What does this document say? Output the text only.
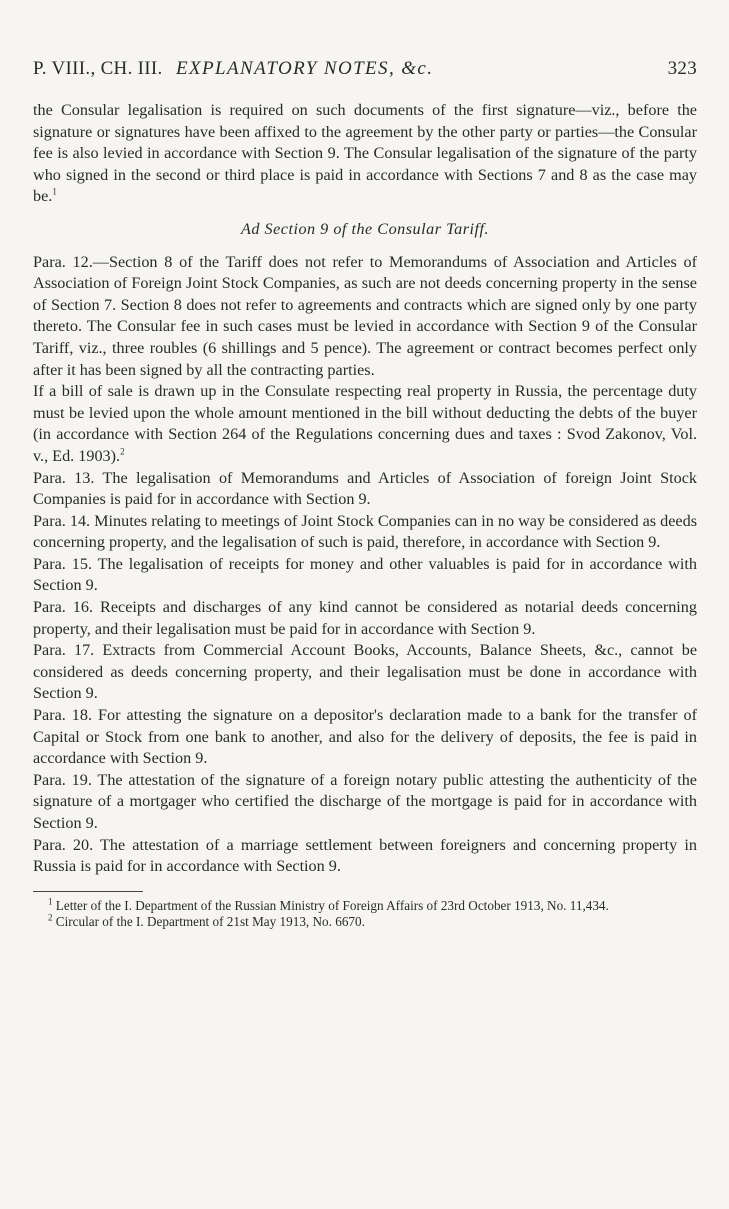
P. VIII., CH. III. EXPLANATORY NOTES, &c.	323

the Consular legalisation is required on such documents of the first signature—viz., before the signature or signatures have been affixed to the agreement by the other party or parties—the Consular fee is also levied in accordance with Section 9. The Consular legalisation of the signature of the party who signed in the second or third place is paid in accordance with Sections 7 and 8 as the case may be.$^1$

Ad Section 9 of the Consular Tariff.

Para. 12.—Section 8 of the Tariff does not refer to Memorandums of Association and Articles of Association of Foreign Joint Stock Companies, as such are not deeds concerning property in the sense of Section 7. Section 8 does not refer to agreements and contracts which are signed only by one party thereto. The Consular fee in such cases must be levied in accordance with Section 9 of the Consular Tariff, viz., three roubles (6 shillings and 5 pence). The agreement or contract becomes perfect only after it has been signed by all the contracting parties.

If a bill of sale is drawn up in the Consulate respecting real property in Russia, the percentage duty must be levied upon the whole amount mentioned in the bill without deducting the debts of the buyer (in accordance with Section 264 of the Regulations concerning dues and taxes : Svod Zakonov, Vol. v., Ed. 1903).$^2$

Para. 13. The legalisation of Memorandums and Articles of Association of foreign Joint Stock Companies is paid for in accordance with Section 9.

Para. 14. Minutes relating to meetings of Joint Stock Companies can in no way be considered as deeds concerning property, and the legalisation of such is paid, therefore, in accordance with Section 9.

Para. 15. The legalisation of receipts for money and other valuables is paid for in accordance with Section 9.

Para. 16. Receipts and discharges of any kind cannot be considered as notarial deeds concerning property, and their legalisation must be paid for in accordance with Section 9.

Para. 17. Extracts from Commercial Account Books, Accounts, Balance Sheets, &c., cannot be considered as deeds concerning property, and their legalisation must be done in accordance with Section 9.

Para. 18. For attesting the signature on a depositor's declaration made to a bank for the transfer of Capital or Stock from one bank to another, and also for the delivery of deposits, the fee is paid in accordance with Section 9.

Para. 19. The attestation of the signature of a foreign notary public attesting the authenticity of the signature of a mortgager who certified the discharge of the mortgage is paid for in accordance with Section 9.

Para. 20. The attestation of a marriage settlement between foreigners and concerning property in Russia is paid for in accordance with Section 9.

$^1$ Letter of the I. Department of the Russian Ministry of Foreign Affairs of 23rd October 1913, No. 11,434.

$^2$ Circular of the I. Department of 21st May 1913, No. 6670.
